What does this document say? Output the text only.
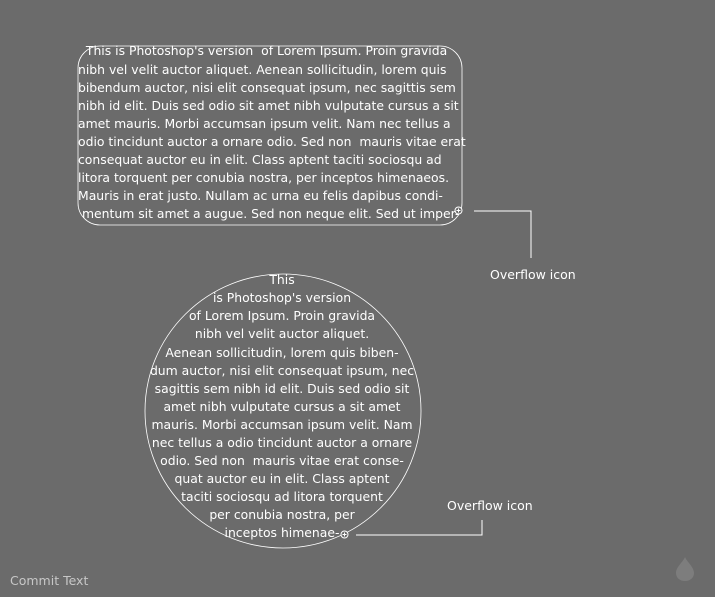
This is Photoshop's version  of Lorem Ipsum. Proin gravida
nibh vel velit auctor aliquet. Aenean sollicitudin, lorem quis
bibendum auctor, nisi elit consequat ipsum, nec sagittis sem
nibh id elit. Duis sed odio sit amet nibh vulputate cursus a sit
amet mauris. Morbi accumsan ipsum velit. Nam nec tellus a
odio tincidunt auctor a ornare odio. Sed non  mauris vitae erat
consequat auctor eu in elit. Class aptent taciti sociosqu ad
litora torquent per conubia nostra, per inceptos himenaeos.
Mauris in erat justo. Nullam ac urna eu felis dapibus condi-
mentum sit amet a augue. Sed non neque elit. Sed ut imper-
This
is Photoshop's version
of Lorem Ipsum. Proin gravida
nibh vel velit auctor aliquet.
Aenean sollicitudin, lorem quis biben-
dum auctor, nisi elit consequat ipsum, nec
sagittis sem nibh id elit. Duis sed odio sit
amet nibh vulputate cursus a sit amet
mauris. Morbi accumsan ipsum velit. Nam
nec tellus a odio tincidunt auctor a ornare
odio. Sed non  mauris vitae erat conse-
quat auctor eu in elit. Class aptent
taciti sociosqu ad litora torquent
per conubia nostra, per
inceptos himenae-
Overflow icon
Overflow icon
Commit Text
